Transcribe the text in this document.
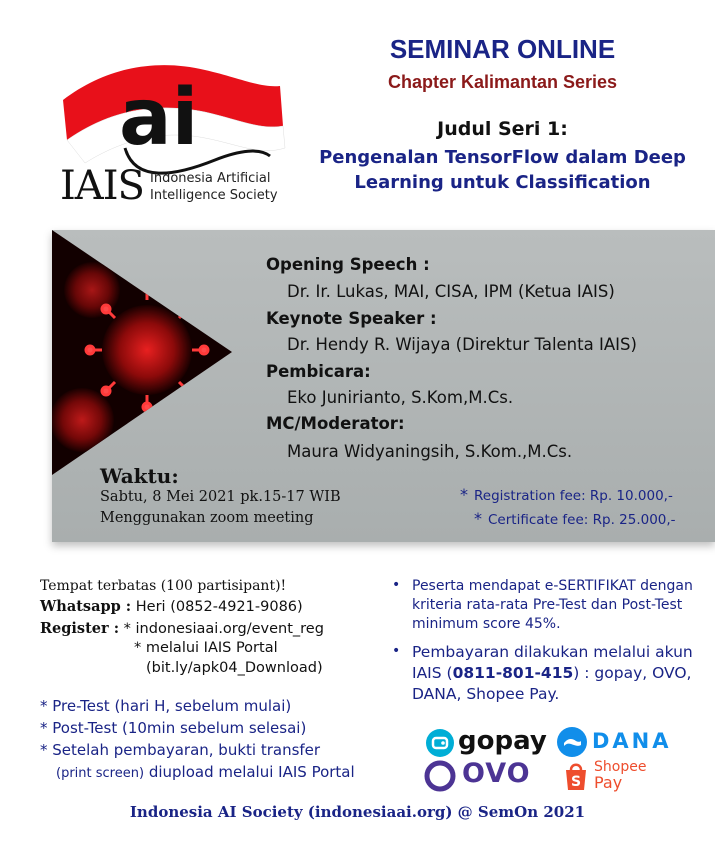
ai
IAIS Indonesia Artificial
Intelligence Society
SEMINAR ONLINE
Chapter Kalimantan Series
Judul Seri 1:
Pengenalan TensorFlow dalam Deep
Learning untuk Classification
Opening Speech :
Dr. Ir. Lukas, MAI, CISA, IPM (Ketua IAIS)
Keynote Speaker :
Dr. Hendy R. Wijaya (Direktur Talenta IAIS)
Pembicara:
Eko Junirianto, S.Kom,M.Cs.
MC/Moderator:
Maura Widyaningsih, S.Kom.,M.Cs.
Waktu:
Sabtu, 8 Mei 2021 pk.15-17 WIB
Menggunakan zoom meeting
* Registration fee: Rp. 10.000,-
* Certificate fee: Rp. 25.000,-
Tempat terbatas (100 partisipant)!
Whatsapp : Heri (0852-4921-9086)
Register : * indonesiaai.org/event_reg
* melalui IAIS Portal
(bit.ly/apk04_Download)
* Pre-Test (hari H, sebelum mulai)
* Post-Test (10min sebelum selesai)
* Setelah pembayaran, bukti transfer
(print screen) diupload melalui IAIS Portal
• Peserta mendapat e-SERTIFIKAT dengan kriteria rata-rata Pre-Test dan Post-Test minimum score 45%.
• Pembayaran dilakukan melalui akun IAIS (0811-801-415) : gopay, OVO, DANA, Shopee Pay.
gopay DANA
OVO	S
Shopee
Pay
Indonesia AI Society (indonesiaai.org) @ SemOn 2021
